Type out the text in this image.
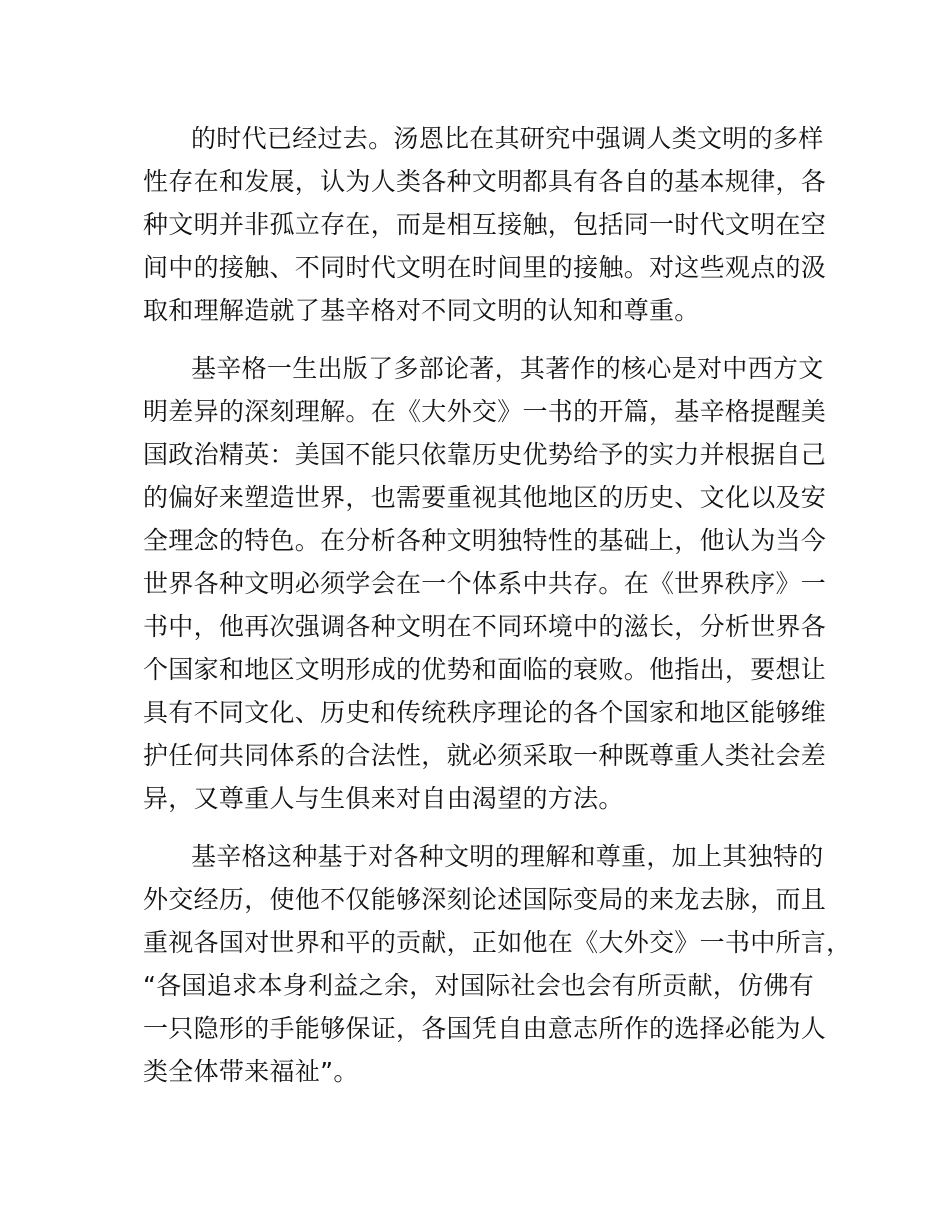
的时代已经过去。汤恩比在其研究中强调人类文明的多样
性存在和发展，认为人类各种文明都具有各自的基本规律，各
种文明并非孤立存在，而是相互接触，包括同一时代文明在空
间中的接触、不同时代文明在时间里的接触。对这些观点的汲
取和理解造就了基辛格对不同文明的认知和尊重。
基辛格一生出版了多部论著，其著作的核心是对中西方文
明差异的深刻理解。在《大外交》一书的开篇，基辛格提醒美
国政治精英：美国不能只依靠历史优势给予的实力并根据自己
的偏好来塑造世界，也需要重视其他地区的历史、文化以及安
全理念的特色。在分析各种文明独特性的基础上，他认为当今
世界各种文明必须学会在一个体系中共存。在《世界秩序》一
书中，他再次强调各种文明在不同环境中的滋长，分析世界各
个国家和地区文明形成的优势和面临的衰败。他指出，要想让
具有不同文化、历史和传统秩序理论的各个国家和地区能够维
护任何共同体系的合法性，就必须采取一种既尊重人类社会差
异，又尊重人与生俱来对自由渴望的方法。
基辛格这种基于对各种文明的理解和尊重，加上其独特的
外交经历，使他不仅能够深刻论述国际变局的来龙去脉，而且
重视各国对世界和平的贡献，正如他在《大外交》一书中所言，
“各国追求本身利益之余，对国际社会也会有所贡献，仿佛有
一只隐形的手能够保证，各国凭自由意志所作的选择必能为人
类全体带来福祉”。
